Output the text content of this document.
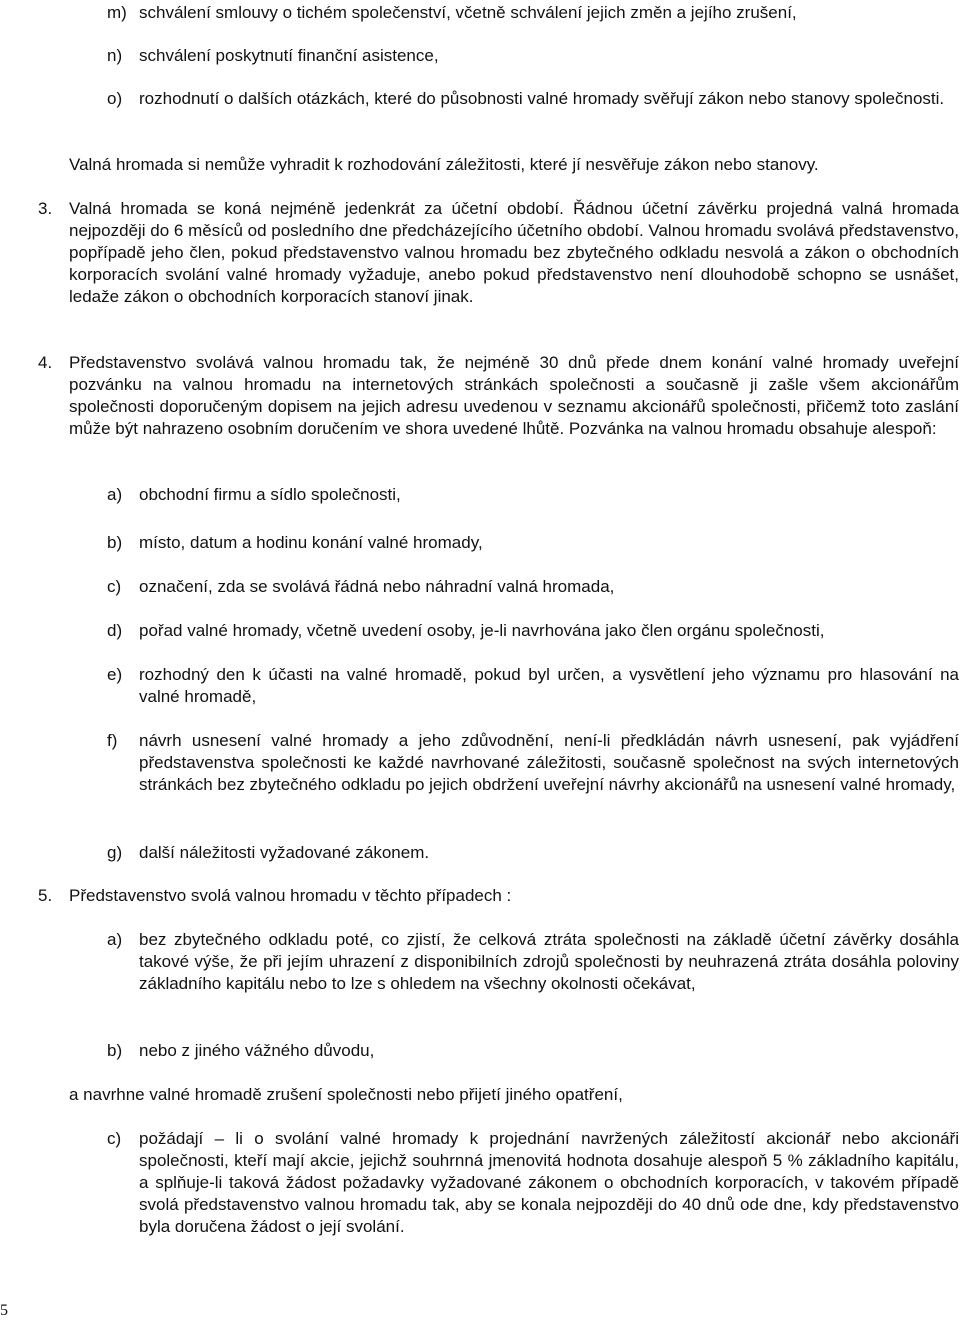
m) schválení smlouvy o tichém společenství, včetně schválení jejich změn a jejího zrušení,
n) schválení poskytnutí finanční asistence,
o) rozhodnutí o dalších otázkách, které do působnosti valné hromady svěřují zákon nebo stanovy společnosti.
Valná hromada si nemůže vyhradit k rozhodování záležitosti, které jí nesvěřuje zákon nebo stanovy.
3. Valná hromada se koná nejméně jedenkrát za účetní období. Řádnou účetní závěrku projedná valná hromada nejpozději do 6 měsíců od posledního dne předcházejícího účetního období. Valnou hromadu svolává představenstvo, popřípadě jeho člen, pokud představenstvo valnou hromadu bez zbytečného odkladu nesvolá a zákon o obchodních korporacích svolání valné hromady vyžaduje, anebo pokud představenstvo není dlouhodobě schopno se usnášet, ledaže zákon o obchodních korporacích stanoví jinak.
4. Představenstvo svolává valnou hromadu tak, že nejméně 30 dnů přede dnem konání valné hromady uveřejní pozvánku na valnou hromadu na internetových stránkách společnosti a současně ji zašle všem akcionářům společnosti doporučeným dopisem na jejich adresu uvedenou v seznamu akcionářů společnosti, přičemž toto zaslání může být nahrazeno osobním doručením ve shora uvedené lhůtě. Pozvánka na valnou hromadu obsahuje alespoň:
a) obchodní firmu a sídlo společnosti,
b) místo, datum a hodinu konání valné hromady,
c) označení, zda se svolává řádná nebo náhradní valná hromada,
d) pořad valné hromady, včetně uvedení osoby, je-li navrhována jako člen orgánu společnosti,
e) rozhodný den k účasti na valné hromadě, pokud byl určen, a vysvětlení jeho významu pro hlasování na valné hromadě,
f) návrh usnesení valné hromady a jeho zdůvodnění, není-li předkládán návrh usnesení, pak vyjádření představenstva společnosti ke každé navrhované záležitosti, současně společnost na svých internetových stránkách bez zbytečného odkladu po jejich obdržení uveřejní návrhy akcionářů na usnesení valné hromady,
g) další náležitosti vyžadované zákonem.
5. Představenstvo svolá valnou hromadu v těchto případech :
a) bez zbytečného odkladu poté, co zjistí, že celková ztráta společnosti na základě účetní závěrky dosáhla takové výše, že při jejím uhrazení z disponibilních zdrojů společnosti by neuhrazená ztráta dosáhla poloviny základního kapitálu nebo to lze s ohledem na všechny okolnosti očekávat,
b) nebo z jiného vážného důvodu,
a navrhne valné hromadě zrušení společnosti nebo přijetí jiného opatření,
c) požádají – li o svolání valné hromady k projednání navržených záležitostí akcionář nebo akcionáři společnosti, kteří mají akcie, jejichž souhrnná jmenovitá hodnota dosahuje alespoň 5 % základního kapitálu, a splňuje-li taková žádost požadavky vyžadované zákonem o obchodních korporacích, v takovém případě svolá představenstvo valnou hromadu tak, aby se konala nejpozději do 40 dnů ode dne, kdy představenstvo byla doručena žádost o její svolání.
5
